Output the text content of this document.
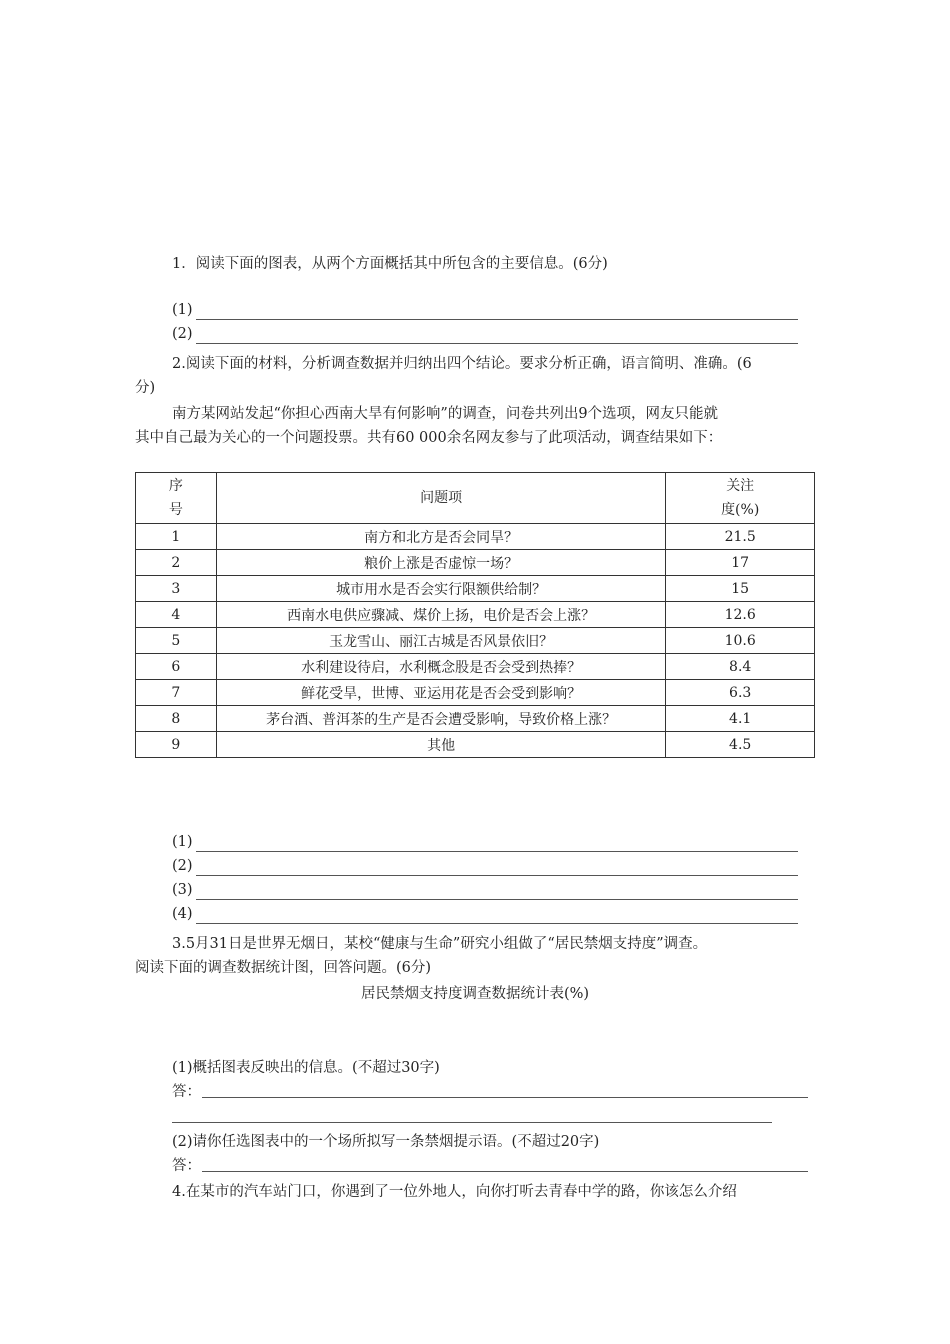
1．阅读下面的图表，从两个方面概括其中所包含的主要信息。(6分)
(1)
(2)
2.阅读下面的材料，分析调查数据并归纳出四个结论。要求分析正确，语言简明、准确。(6
分)
南方某网站发起“你担心西南大旱有何影响”的调查，问卷共列出9个选项，网友只能就
其中自己最为关心的一个问题投票。共有60 000余名网友参与了此项活动，调查结果如下：
序
号	问题项	关注
度(%)
1	南方和北方是否会同旱？	21.5
2	粮价上涨是否虚惊一场？	17
3	城市用水是否会实行限额供给制？	15
4	西南水电供应骤减、煤价上扬，电价是否会上涨？	12.6
5	玉龙雪山、丽江古城是否风景依旧？	10.6
6	水利建设待启，水利概念股是否会受到热捧？	8.4
7	鲜花受旱，世博、亚运用花是否会受到影响？	6.3
8	茅台酒、普洱茶的生产是否会遭受影响，导致价格上涨？	4.1
9	其他	4.5
(1)
(2)
(3)
(4)
3.5月31日是世界无烟日，某校“健康与生命”研究小组做了“居民禁烟支持度”调查。
阅读下面的调查数据统计图，回答问题。(6分)
居民禁烟支持度调查数据统计表(%)
(1)概括图表反映出的信息。(不超过30字)
答：
(2)请你任选图表中的一个场所拟写一条禁烟提示语。(不超过20字)
答：
4.在某市的汽车站门口，你遇到了一位外地人，向你打听去青春中学的路，你该怎么介绍
